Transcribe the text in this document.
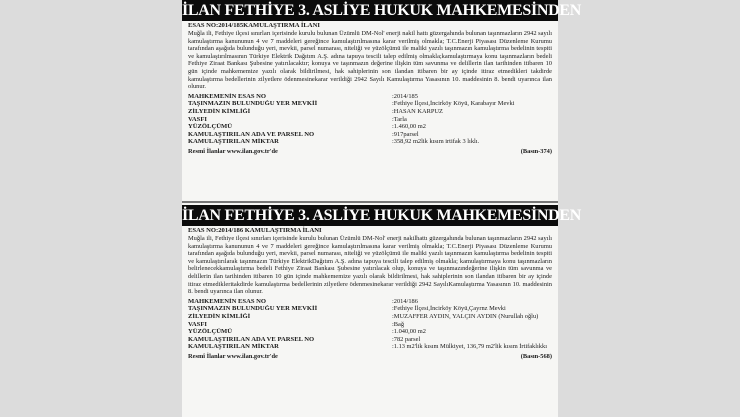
İLAN FETHİYE 3. ASLİYE HUKUK MAHKEMESİNDEN
ESAS NO:2014/185KAMULAŞTIRMA İLANI
Muğla ili, Fethiye ilçesi sınırları içerisinde kurulu bulunan Üzümlü DM-Nol' enerji nakil hattı güzergahında bulunan taşınmazların 2942 sayılı kamulaştırma kanununun 4 ve 7 maddeleri gereğince kamulaştırılmasına karar verilmiş olmakla; T.C.Enerji Piyasası Düzenleme Kurumu tarafından aşağıda bulunduğu yeri, mevkii, parsel numarası, niteliği ve yüzölçümü ile maliki yazılı taşınmazın kamulaştırma bedelinin tespiti ve kamulaştırılmasının Türkiye Elektrik Dağıtım A.Ş. adına tapuya tescili talep edilmiş olmakla;kamulaştırmaya konu taşınmazların bedeli Fethiye Ziraat Bankası Şubesine yatırılacaktır; konuya ve taşınmazın değerine ilişkin tüm savunma ve delillerin ilan tarihinden itibaren 10 gün içinde mahkememize yazılı olarak bildirilmesi, hak sahiplerinin son ilandan itibaren bir ay içinde itiraz etmedikleri takdirde kamulaştırma bedellerinin zilyetlere ödenmesinekarar verildiği 2942 Sayılı Kamulaştırma Yasasının 10. maddesinin 8. bendi uyarınca ilan olunur.
MAHKEMENİN ESAS NO	:2014/185
TAŞINMAZIN BULUNDUĞU YER MEVKİİ	:Fethiye İlçesi,İncirköy Köyü, Karabayır Mevki
ZİLYEDİN KİMLİĞİ	:HASAN KARPUZ
VASFI	:Tarla
YÜZÖLÇÜMÜ	:1.460,00 m2
KAMULAŞTIRILAN ADA VE PARSEL NO	:917parsel
KAMULAŞTIRILAN MİKTAR	:358,92 m2lik kısım irtifak 3 lıklı.
Resmî İlanlar www.ilan.gov.tr'de	(Basın-374)
İLAN FETHİYE 3. ASLİYE HUKUK MAHKEMESİNDEN
ESAS NO:2014/186 KAMULAŞTIRMA İLANI
Muğla ili, Fethiye ilçesi sınırları içerisinde kurulu bulunan Üzümlü DM-Nol' enerji nakilhattı güzergahında bulunan taşınmazların 2942 sayılı kamulaştırma kanununun 4 ve 7 maddeleri gereğince kamulaştırılmasına karar verilmiş olmakla; T.C.Enerji Piyasası Düzenleme Kurumu tarafından aşağıda bulunduğu yeri, mevkii, parsel numarası, niteliği ve yüzölçümü ile maliki yazılı taşınmazın kamulaştırma bedelinin tespiti ve kamulaştırılarak taşınmazın Türkiye ElektrikDağıtım A.Ş. adına tapuya tescili talep edilmiş olmakla; kamulaştırmaya konu taşınmazların belirlenecekkamulaştırma bedeli Fethiye Ziraat Bankası Şubesine yatırılacak olup, konuya ve taşınmazındeğerine ilişkin tüm savunma ve delillerin ilan tarihinden itibaren 10 gün içinde mahkememize yazılı olarak bildirilmesi, hak sahiplerinin son ilandan itibaren bir ay içinde itiraz etmedikleritakdirde kamulaştırma bedellerinin zilyetlere ödenmesinekarar verildiği 2942 SayılıKamulaştırma Yasasının 10. maddesinin 8. bendi uyarınca ilan olunur.
MAHKEMENİN ESAS NO	:2014/186
TAŞINMAZIN BULUNDUĞU YER MEVKİİ	:Fethiye İlçesi,İncirköy Köyü,Çayrnz Mevki
ZİLYEDİN KİMLİĞİ	:MUZAFFER AYDIN, YALÇIN AYDIN (Nurullah oğlu)
VASFI	:Bağ
YÜZÖLÇÜMÜ	:1.040,00 m2
KAMULAŞTIRILAN ADA VE PARSEL NO	:782 parsel
KAMULAŞTIRILAN MİKTAR	:1.13 m2'lik kısım Mülkiyet, 136,79 m2'lik kısım İrtifaklıkkı
Resmî İlanlar www.ilan.gov.tr'de	(Basın-568)
